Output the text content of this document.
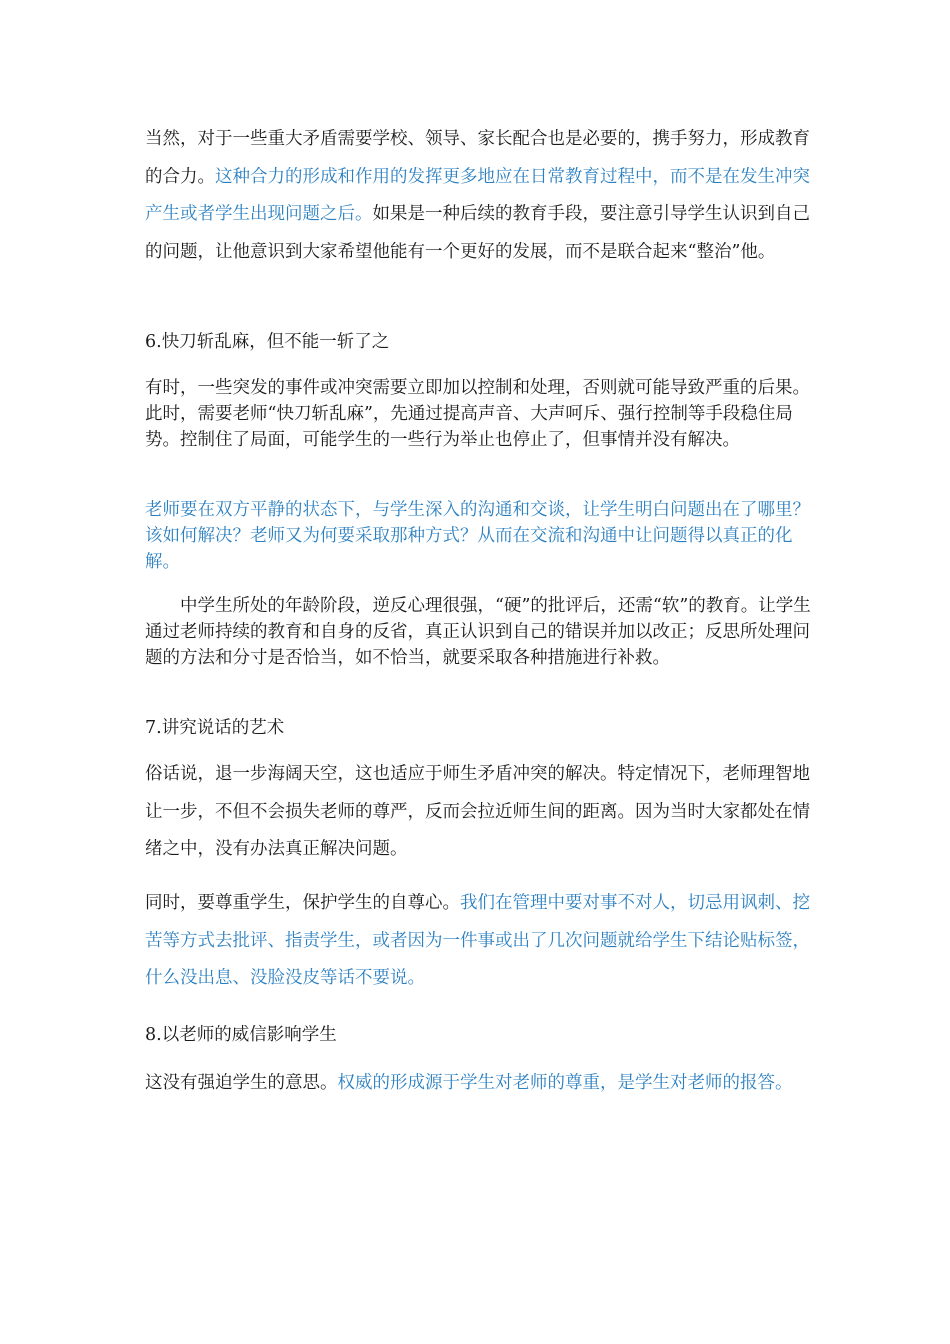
当然，对于一些重大矛盾需要学校、领导、家长配合也是必要的，携手努力，形成教育的合力。这种合力的形成和作用的发挥更多地应在日常教育过程中，而不是在发生冲突产生或者学生出现问题之后。如果是一种后续的教育手段，要注意引导学生认识到自己的问题，让他意识到大家希望他能有一个更好的发展，而不是联合起来“整治”他。

6.快刀斩乱麻，但不能一斩了之

有时，一些突发的事件或冲突需要立即加以控制和处理，否则就可能导致严重的后果。此时，需要老师“快刀斩乱麻”，先通过提高声音、大声呵斥、强行控制等手段稳住局势。控制住了局面，可能学生的一些行为举止也停止了，但事情并没有解决。

老师要在双方平静的状态下，与学生深入的沟通和交谈，让学生明白问题出在了哪里？该如何解决？老师又为何要采取那种方式？从而在交流和沟通中让问题得以真正的化解。

中学生所处的年龄阶段，逆反心理很强，“硬”的批评后，还需“软”的教育。让学生通过老师持续的教育和自身的反省，真正认识到自己的错误并加以改正；反思所处理问题的方法和分寸是否恰当，如不恰当，就要采取各种措施进行补救。

7.讲究说话的艺术

俗话说，退一步海阔天空，这也适应于师生矛盾冲突的解决。特定情况下，老师理智地让一步，不但不会损失老师的尊严，反而会拉近师生间的距离。因为当时大家都处在情绪之中，没有办法真正解决问题。

同时，要尊重学生，保护学生的自尊心。我们在管理中要对事不对人，切忌用讽刺、挖苦等方式去批评、指责学生，或者因为一件事或出了几次问题就给学生下结论贴标签，什么没出息、没脸没皮等话不要说。

8.以老师的威信影响学生

这没有强迫学生的意思。权威的形成源于学生对老师的尊重，是学生对老师的报答。
